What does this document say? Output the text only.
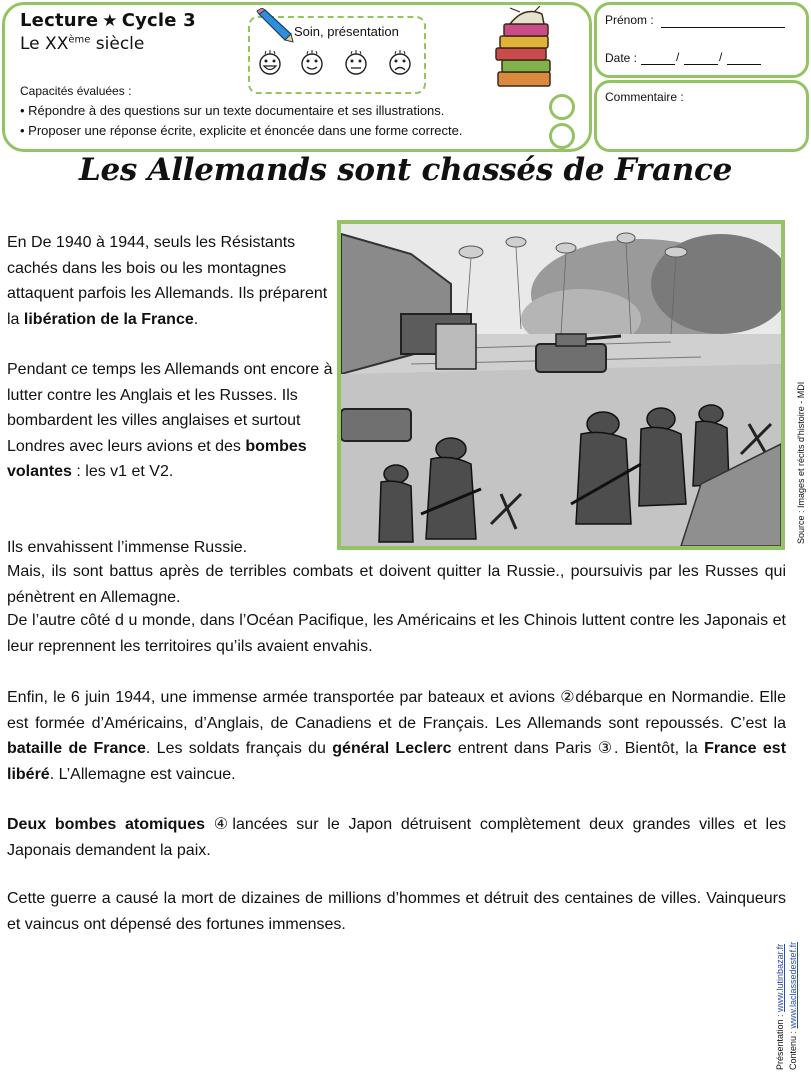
Lecture ★ Cycle 3
Le XXème siècle
Soin, présentation
Capacités évaluées :
• Répondre à des questions sur un texte documentaire et ses illustrations.
• Proposer une réponse écrite, explicite et énoncée dans une forme correcte.
Prénom :
Date :	/	/
Commentaire :
Les Allemands sont chassés de France
Source : Images et récits d'histoire - MDI

En De 1940 à 1944, seuls les Résistants cachés dans les bois ou les montagnes attaquent parfois les Allemands. Ils préparent la libération de la France.

Pendant ce temps les Allemands ont encore à lutter contre les Anglais et les Russes. Ils bombardent les villes anglaises et surtout Londres avec leurs avions et des bombes volantes : les v1 et V2.

Ils envahissent l’immense Russie.

Mais, ils sont battus après de terribles combats et doivent quitter la Russie., poursuivis par les Russes qui pénètrent en Allemagne.

De l’autre côté d u monde, dans l’Océan Pacifique, les Américains et les Chinois luttent contre les Japonais et leur reprennent les territoires qu’ils avaient envahis.

Enfin, le 6 juin 1944, une immense armée transportée par bateaux et avions ②débarque en Normandie. Elle est formée d’Américains, d’Anglais, de Canadiens et de Français. Les Allemands sont repoussés. C’est la bataille de France. Les soldats français du général Leclerc entrent dans Paris ③. Bientôt, la France est libéré. L’Allemagne est vaincue.

Deux bombes atomiques ④lancées sur le Japon détruisent complètement deux grandes villes et les Japonais demandent la paix.

Cette guerre a causé la mort de dizaines de millions d’hommes et détruit des centaines de villes. Vainqueurs et vaincus ont dépensé des fortunes immenses.

Présentation : www.lutinbazar.fr
Contenu : www.laclassedestef.fr
